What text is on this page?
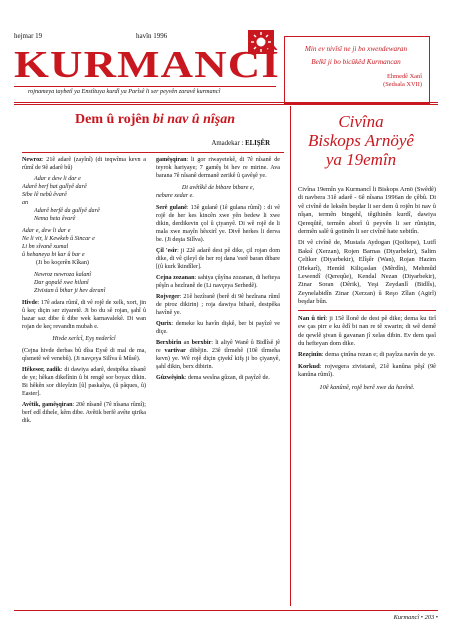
hejmar 19	havîn 1996
KURMANCÎ
rojnameya taybetî ya Enstîtuya kurdî ya Parîsê li ser peyvên zaravê kurmancî
Min ev nivîsî ne ji bo xwendewaran
Belkî ji bo bicûkêd Kurmancan
Ehmedê Xanî
(Sedsala XVII)
Dem û rojên bi nav û nîşan
Amadekar : ELIŞÊR

Newroz: 21ê adarê (zayînî) (di teqwîma kevn a rûmî de 9ê adarê bû)

Adar e dew li dar e
Adarê berf hat gulîyê darê
Sibe lê nebû êvarê
an
Adarê berfê da gulîyê darê
Nema heta êvarê
Adar e, dew li dar e
Ne li vir, li Kewkeb û Sincar e
Li bn sîvanê xumal
û hebaneya bi kar û bar e
(Ji bo koçerên Kîkan)
Newroz newroza kalanî
Dar gopalê xwe hilanî
Zivistan û bihar ji hev deranî

Hivde: 17ê adara rûmî, di vê rojê de xelk, xort, jin û keç diçin ser ziyaretê. Ji bo du sê rojan, şahî û hazar saz dibe û dibe wek karnavalekê. Di wan rojan de keç revandin mubah e.

Hivde xerîcî, Eyş nederîcî

(Cejna hivde derbas bû dîsa Eysê di mal de ma, qîsmetê wê venebû). (Ji navçeya Silîva û Mûsê).

Hêkesor, zadik: di dawiya adarê, destpêka nîsanê de ye; hêkan dikelînin û bi rengê sor boyax dikin. Bi hêkên sor dileyîzin [û] paskalya, (û pâques, û) Easter].

Avêtik, gamêşqiran: 20ê nîsanê (7ê nîsana rûmî); berf edî dihele, kêm dibe. Avêtik berfê avête qirika dik.

gamêşqiran: li gor riwayetekê, di 7ê nîsanê de teyrok hariyaye; 7 gamêş bi hev re mirine. Ava barana 7ê nîsanê dermanê zerikê û çavêşê ye.

Di avêtîkê de bibare bibare e,
nebare xedar e.

Serê gulanê: 13ê gulanê (1ê gulana rûmî) : di vê rojê de her kes kincên xwe yên bedew li xwe dikin, derdikevin çol û çiyanyê. Di wê rojê de li mala xwe mayîn hêsxirî ye. Divê herkes li derva be. (Ji deşta Silîva).

Çil 'esîr: ji 22ê adarê dest pê dike, çil rojan dom dike, di vê çileyî de her roj dana 'esrê baran dibare [(û kurk îkindîler].

Cejna zozanan: sahiya çûyîna zozanan, di hefteya pêşîn a hezîranê de (Li navçeya Serhedê).

Rojveger: 21ê hezîranê (berê di 9ê hezîrana rûmî de piroz dikirin) ; roja dawiya biharê, destpêka havînê ye.

Qurix: demeke ku havîn dişkê, ber bi payîzê ve diçe.

Berxbirîn an berxbir: li aliyê Wanê û Bidlîsê jê re vartivar dibêjin. 23ê tîrmehê (10ê tîrmeha kevn) ye. Wê rojê diçin çiyekî kifş ji bo çiyanyê, şahî dikin, berx dibirin.

Gûzwêşink: dema wesîna gûzan, di payîzê de.

Civîna
Biskops Arnöyê
ya 19emîn

Civîna 19emîn ya Kurmancî li Biskops Arnö (Swêdê) di navbera 31ê adarê - 6ê nîsana 1996an de çêbû. Di vê civînê de leksên beşdar li ser dem û rojên bi nav û nîşan, termên bingehî, têgihinên kurdî, dawiya Qereqûtê, termên aborî û peyvên li ser rûniştin, dermên salê û gotinên li ser civînê hate xebitîn.

Di vê civînê de, Mustafa Aydogan (Qoiltepe), Lutfî Baksî (Xerzan), Rojen Barnas (Diyarbekir), Salim Çeliker (Diyarbekir), Elîşêr (Wan), Rojan Hazim (Hekarî), Hemîd Kiliçaslan (Mêrdîn), Mehmûd Lewendî (Qereqûe), Kendal Nezan (Diyarbekir), Zinar Soran (Dêrik), Yeşi Zeydanlî (Bidlîs), Zeynelabidîn Zinar (Xerzan) û Reşo Zîlan (Agirî) beşdar bûn.

Nan û tirî: ji 15ê îlonê de dest pê dike; dema ku tirî ew ças pirr e ku êdî bi nan re tê xwarin; di wê demê de qewlê şivan û gavanan jî xelas dibin. Ev dem qasî du hefteyan dom dike.

Rezçinîn: dema çinîna rezan e; di payîza navîn de ye.

Korkud: rojvegera zivistanê, 21ê kanûna pêşî (9ê kanûna rûmî).

10ê kanûnê, rojê berê xwe da havînê.
Kurmancî • 203 •
